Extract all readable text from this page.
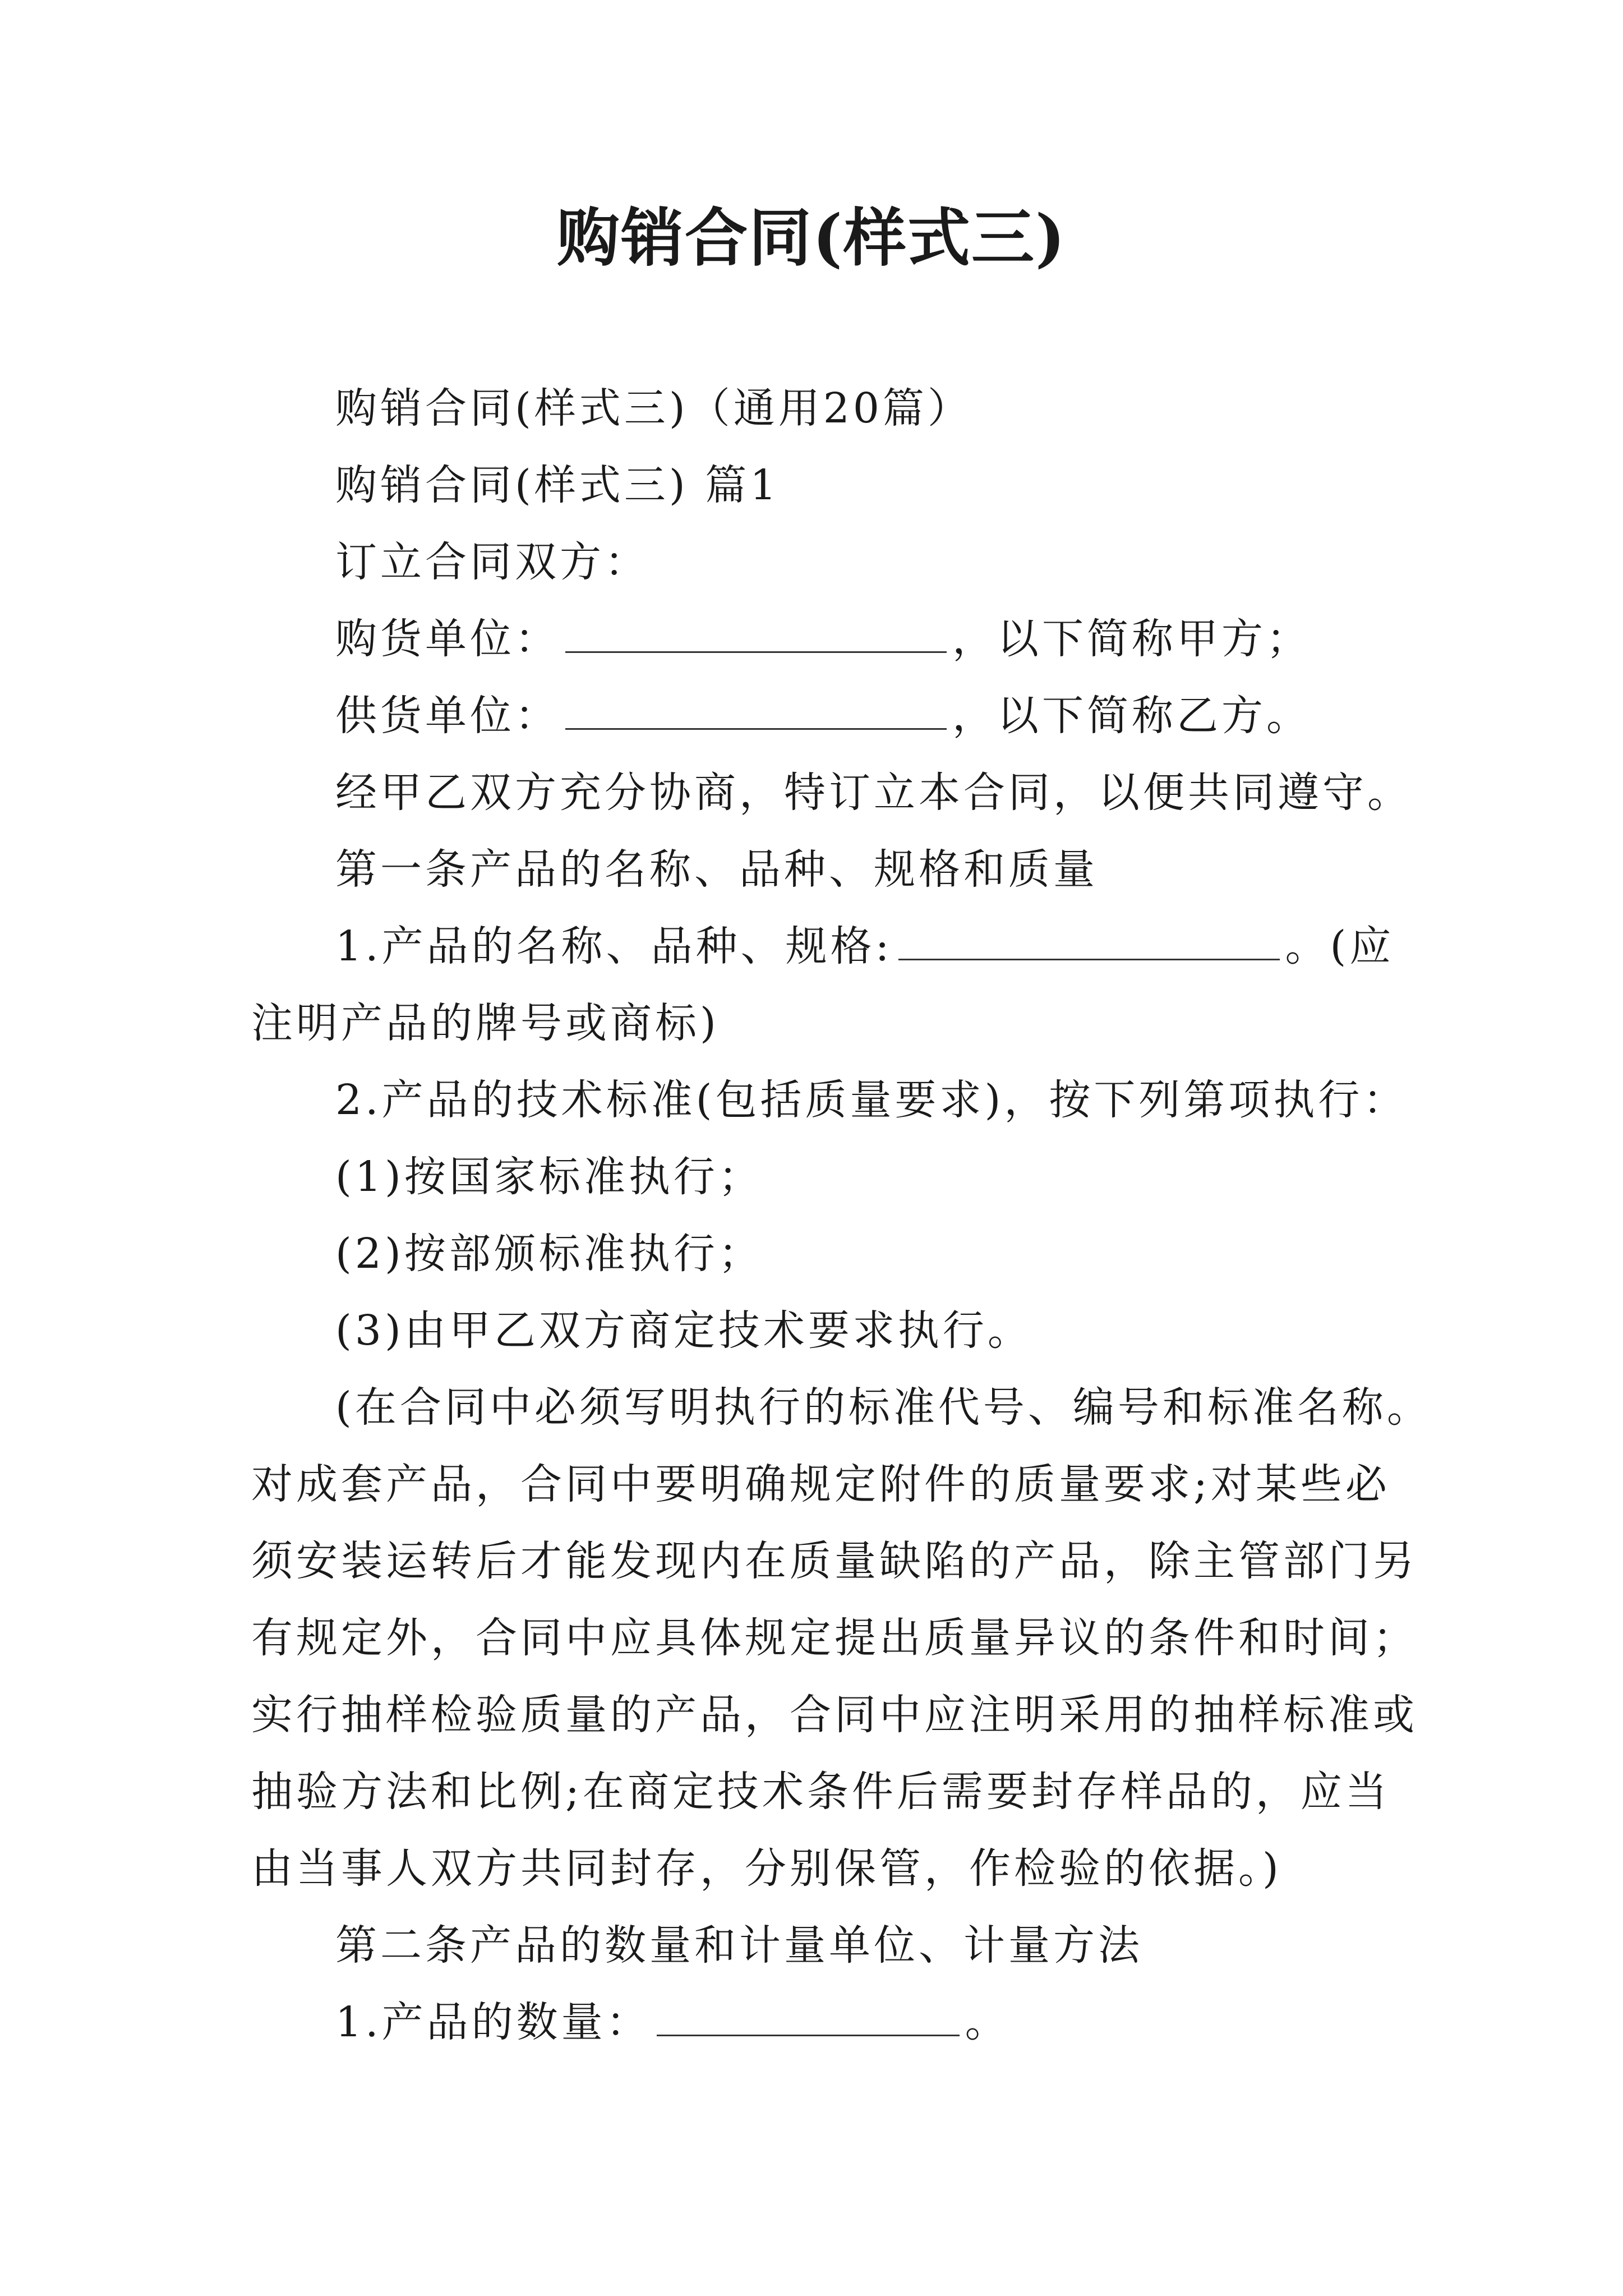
购销合同(样式三)

购销合同(样式三)（通用20篇）

购销合同(样式三) 篇1

订立合同双方：

购货单位：	，以下简称甲方；

供货单位：	，以下简称乙方。

经甲乙双方充分协商，特订立本合同，以便共同遵守。

第一条产品的名称、品种、规格和质量

1.产品的名称、品种、规格:	。(应

注明产品的牌号或商标)

2.产品的技术标准(包括质量要求)，按下列第项执行：

(1)按国家标准执行；

(2)按部颁标准执行；

(3)由甲乙双方商定技术要求执行。

(在合同中必须写明执行的标准代号、编号和标准名称。

对成套产品，合同中要明确规定附件的质量要求;对某些必

须安装运转后才能发现内在质量缺陷的产品，除主管部门另

有规定外，合同中应具体规定提出质量异议的条件和时间；

实行抽样检验质量的产品，合同中应注明采用的抽样标准或

抽验方法和比例;在商定技术条件后需要封存样品的，应当

由当事人双方共同封存，分别保管，作检验的依据。)

第二条产品的数量和计量单位、计量方法

1.产品的数量：	。
